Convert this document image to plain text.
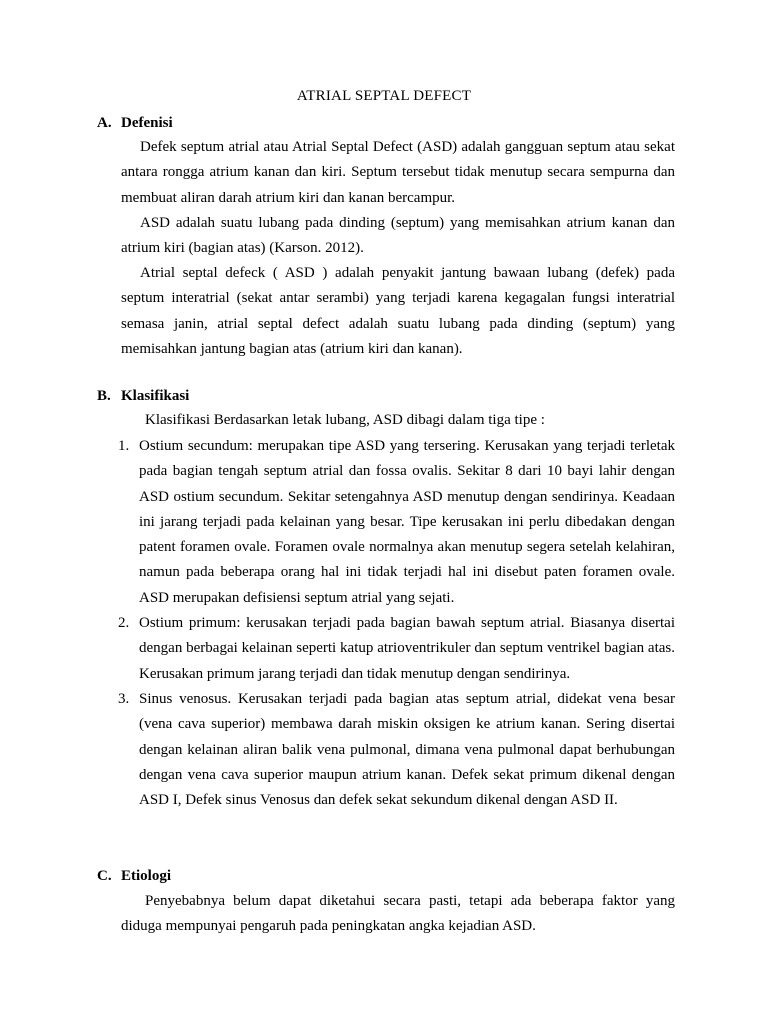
ATRIAL SEPTAL DEFECT
A. Defenisi

Defek septum atrial atau Atrial Septal Defect (ASD) adalah gangguan septum atau sekat antara rongga atrium kanan dan kiri. Septum tersebut tidak menutup secara sempurna dan membuat aliran darah atrium kiri dan kanan bercampur.

ASD adalah suatu lubang pada dinding (septum) yang memisahkan atrium kanan dan atrium kiri (bagian atas) (Karson. 2012).

Atrial septal defeck ( ASD ) adalah penyakit jantung bawaan lubang (defek) pada septum interatrial (sekat antar serambi) yang terjadi karena kegagalan fungsi interatrial semasa janin, atrial septal defect adalah suatu lubang pada dinding (septum) yang memisahkan jantung bagian atas (atrium kiri dan kanan).

B. Klasifikasi

Klasifikasi Berdasarkan letak lubang, ASD dibagi dalam tiga tipe :

1. Ostium secundum: merupakan tipe ASD yang tersering. Kerusakan yang terjadi terletak pada bagian tengah septum atrial dan fossa ovalis. Sekitar 8 dari 10 bayi lahir dengan ASD ostium secundum. Sekitar setengahnya ASD menutup dengan sendirinya. Keadaan ini jarang terjadi pada kelainan yang besar. Tipe kerusakan ini perlu dibedakan dengan patent foramen ovale. Foramen ovale normalnya akan menutup segera setelah kelahiran, namun pada beberapa orang hal ini tidak terjadi hal ini disebut paten foramen ovale. ASD merupakan defisiensi septum atrial yang sejati.
2. Ostium primum: kerusakan terjadi pada bagian bawah septum atrial. Biasanya disertai dengan berbagai kelainan seperti katup atrioventrikuler dan septum ventrikel bagian atas. Kerusakan primum jarang terjadi dan tidak menutup dengan sendirinya.
3. Sinus venosus. Kerusakan terjadi pada bagian atas septum atrial, didekat vena besar (vena cava superior) membawa darah miskin oksigen ke atrium kanan. Sering disertai dengan kelainan aliran balik vena pulmonal, dimana vena pulmonal dapat berhubungan dengan vena cava superior maupun atrium kanan. Defek sekat primum dikenal dengan ASD I, Defek sinus Venosus dan defek sekat sekundum dikenal dengan ASD II.
C. Etiologi

Penyebabnya belum dapat diketahui secara pasti, tetapi ada beberapa faktor yang diduga mempunyai pengaruh pada peningkatan angka kejadian ASD.
